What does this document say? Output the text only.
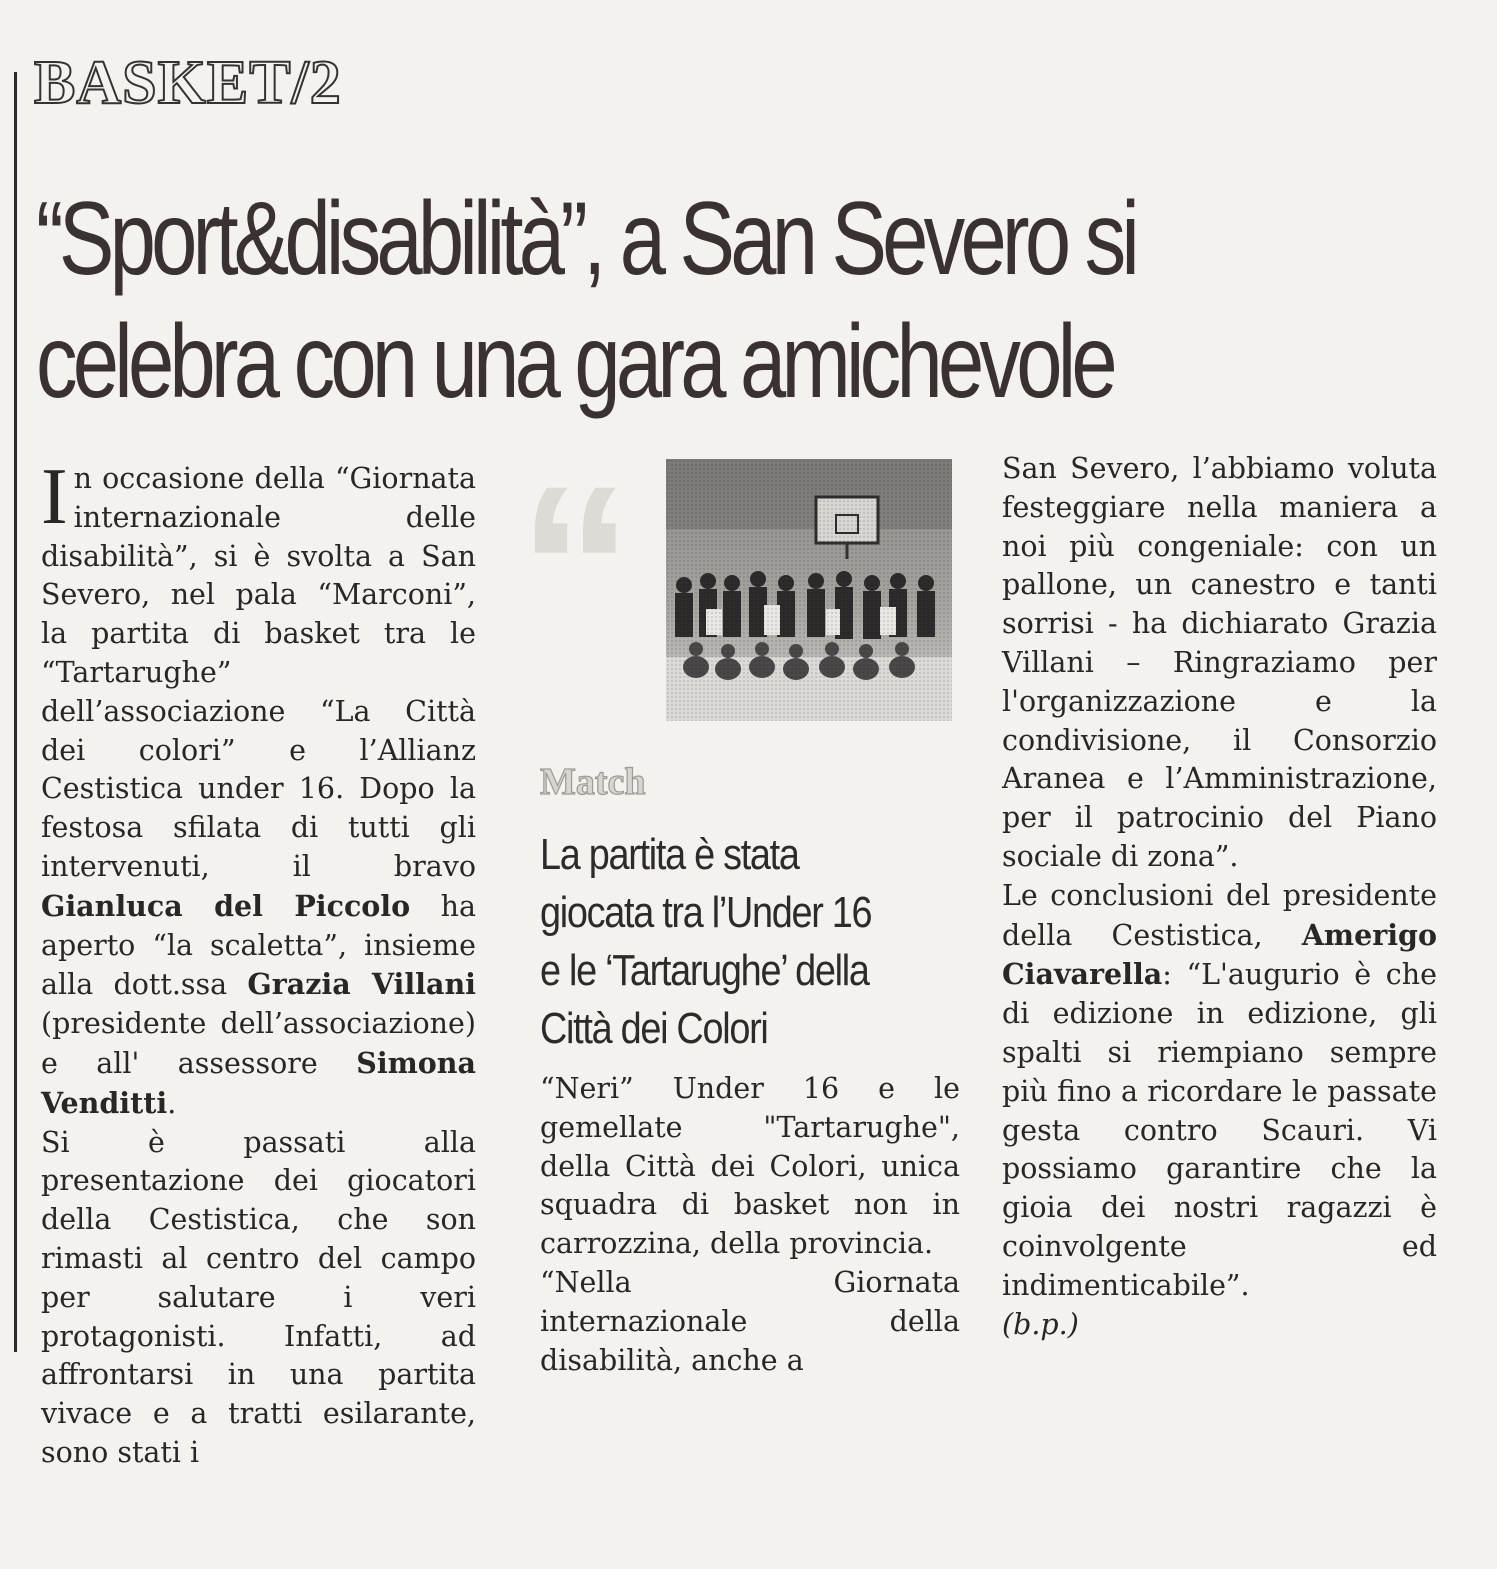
“
BASKET/2
“Sport&disabilità”, a San Severo si
celebra con una gara amichevole

In occasione della “Giornata internazionale delle disabilità”, si è svolta a San Severo, nel pala “Marconi”, la partita di basket tra le “Tartarughe” dell’associazione “La Città dei colori” e l’Allianz Cestistica under 16. Dopo la festosa sfilata di tutti gli intervenuti, il bravo Gianluca del Piccolo ha aperto “la scaletta”, insieme alla dott.ssa Grazia Villani (presidente dell’associazione) e all' assessore Simona Venditti.

Si è passati alla presentazione dei giocatori della Cestistica, che son rimasti al centro del campo per salutare i veri protagonisti. Infatti, ad affrontarsi in una partita vivace e a tratti esilarante, sono stati i

Match
La partita è stata
giocata tra l’Under 16
e le ‘Tartarughe’ della
Città dei Colori

“Neri” Under 16 e le gemellate "Tartarughe", della Città dei Colori, unica squadra di basket non in carrozzina, della provincia.

“Nella Giornata internazionale della disabilità, anche a

San Severo, l’abbiamo voluta festeggiare nella maniera a noi più congeniale: con un pallone, un canestro e tanti sorrisi - ha dichiarato Grazia Villani – Ringraziamo per l'organizzazione e la condivisione, il Consorzio Aranea e l’Amministrazione, per il patrocinio del Piano sociale di zona”.

Le conclusioni del presidente della Cestistica, Amerigo Ciavarella: “L'augurio è che di edizione in edizione, gli spalti si riempiano sempre più fino a ricordare le passate gesta contro Scauri. Vi possiamo garantire che la gioia dei nostri ragazzi è coinvolgente ed indimenticabile”.

(b.p.)
